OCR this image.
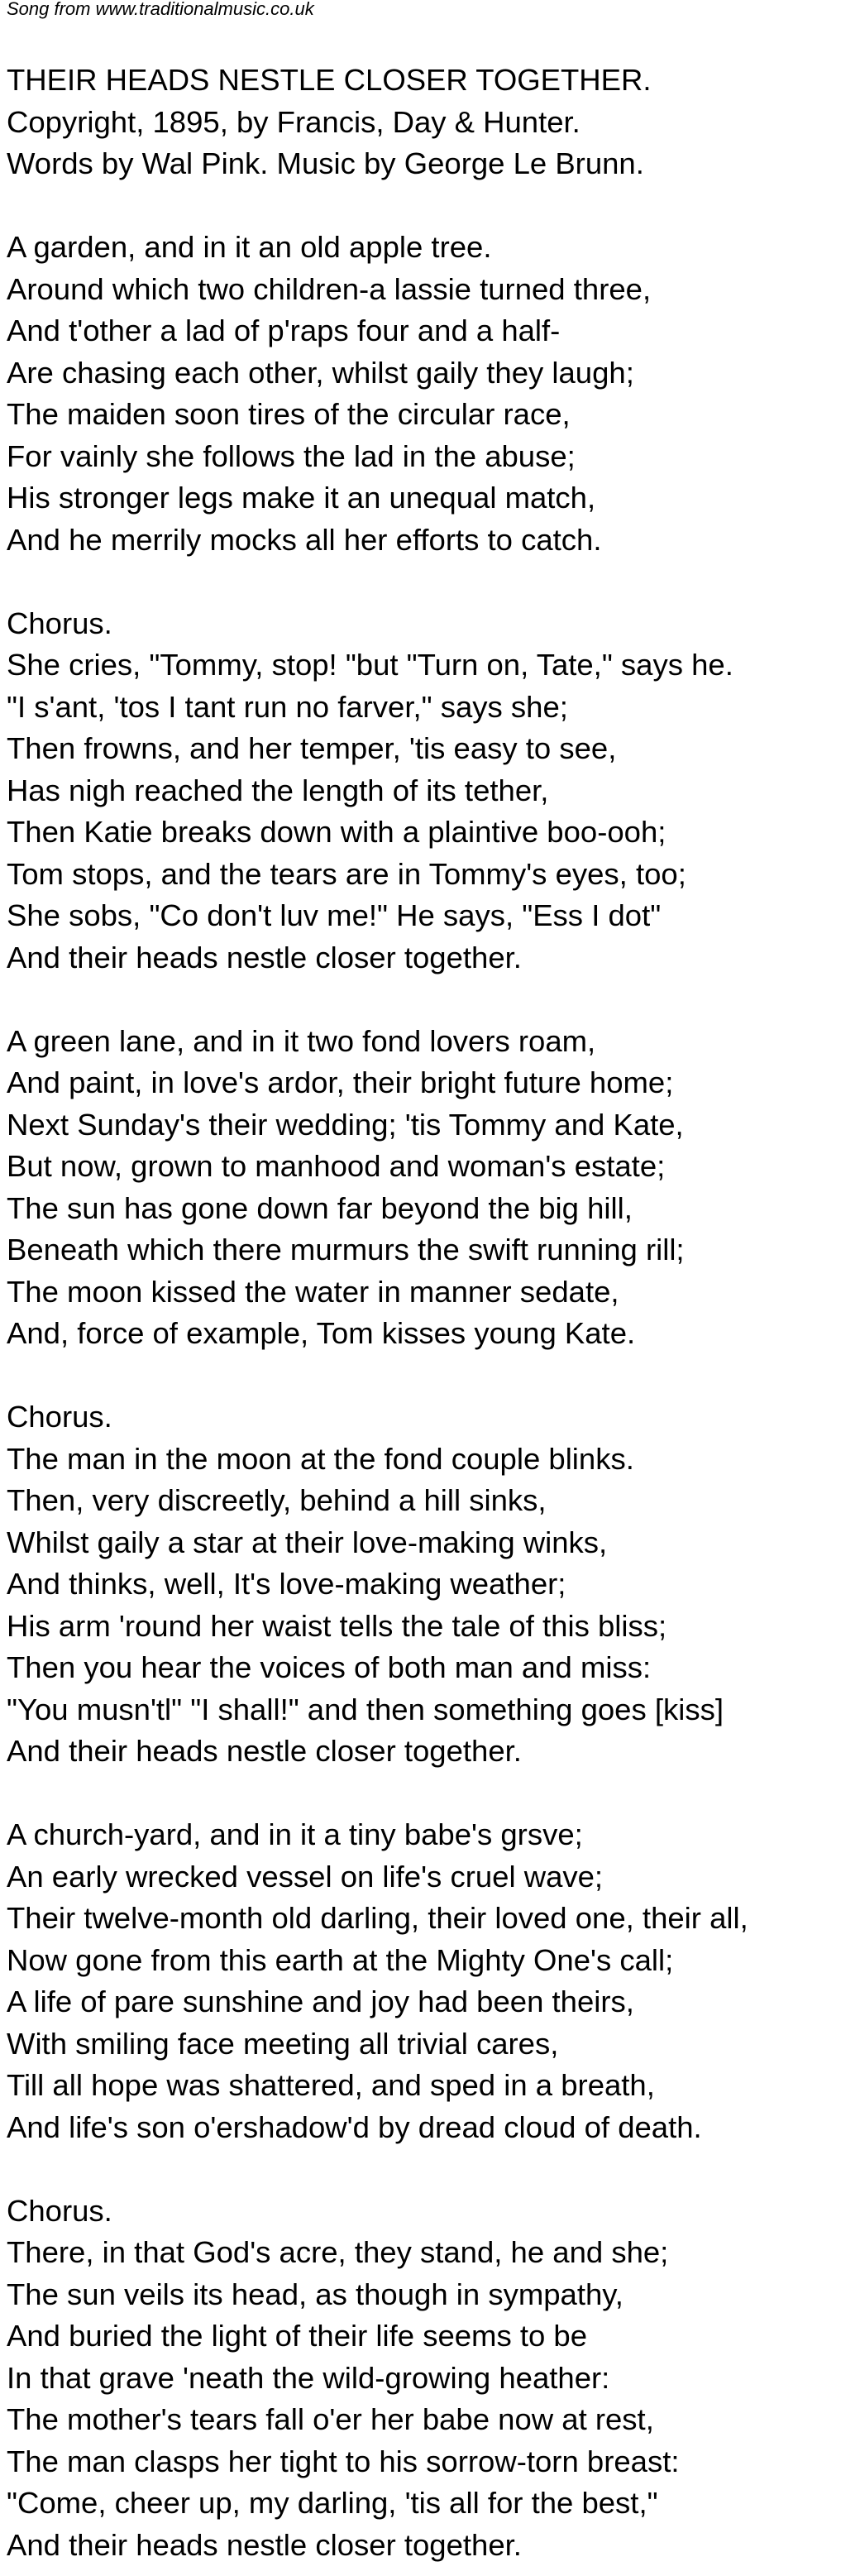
Song from www.traditionalmusic.co.uk
THEIR HEADS NESTLE CLOSER TOGETHER.
Copyright, 1895, by Francis, Day & Hunter.
Words by Wal Pink. Music by George Le Brunn.
A garden, and in it an old apple tree.
Around which two children-a lassie turned three,
And t'other a lad of p'raps four and a half-
Are chasing each other, whilst gaily they laugh;
The maiden soon tires of the circular race,
For vainly she follows the lad in the abuse;
His stronger legs make it an unequal match,
And he merrily mocks all her efforts to catch.
Chorus.
She cries, "Tommy, stop! "but "Turn on, Tate," says he.
"I s'ant, 'tos I tant run no farver," says she;
Then frowns, and her temper, 'tis easy to see,
Has nigh reached the length of its tether,
Then Katie breaks down with a plaintive boo-ooh;
Tom stops, and the tears are in Tommy's eyes, too;
She sobs, "Co don't luv me!" He says, "Ess I dot"
And their heads nestle closer together.
A green lane, and in it two fond lovers roam,
And paint, in love's ardor, their bright future home;
Next Sunday's their wedding; 'tis Tommy and Kate,
But now, grown to manhood and woman's estate;
The sun has gone down far beyond the big hill,
Beneath which there murmurs the swift running rill;
The moon kissed the water in manner sedate,
And, force of example, Tom kisses young Kate.
Chorus.
The man in the moon at the fond couple blinks.
Then, very discreetly, behind a hill sinks,
Whilst gaily a star at their love-making winks,
And thinks, well, It's love-making weather;
His arm 'round her waist tells the tale of this bliss;
Then you hear the voices of both man and miss:
"You musn'tl" "I shall!" and then something goes [kiss]
And their heads nestle closer together.
A church-yard, and in it a tiny babe's grsve;
An early wrecked vessel on life's cruel wave;
Their twelve-month old darling, their loved one, their all,
Now gone from this earth at the Mighty One's call;
A life of pare sunshine and joy had been theirs,
With smiling face meeting all trivial cares,
Till all hope was shattered, and sped in a breath,
And life's son o'ershadow'd by dread cloud of death.
Chorus.
There, in that God's acre, they stand, he and she;
The sun veils its head, as though in sympathy,
And buried the light of their life seems to be
In that grave 'neath the wild-growing heather:
The mother's tears fall o'er her babe now at rest,
The man clasps her tight to his sorrow-torn breast:
"Come, cheer up, my darling, 'tis all for the best,"
And their heads nestle closer together.
